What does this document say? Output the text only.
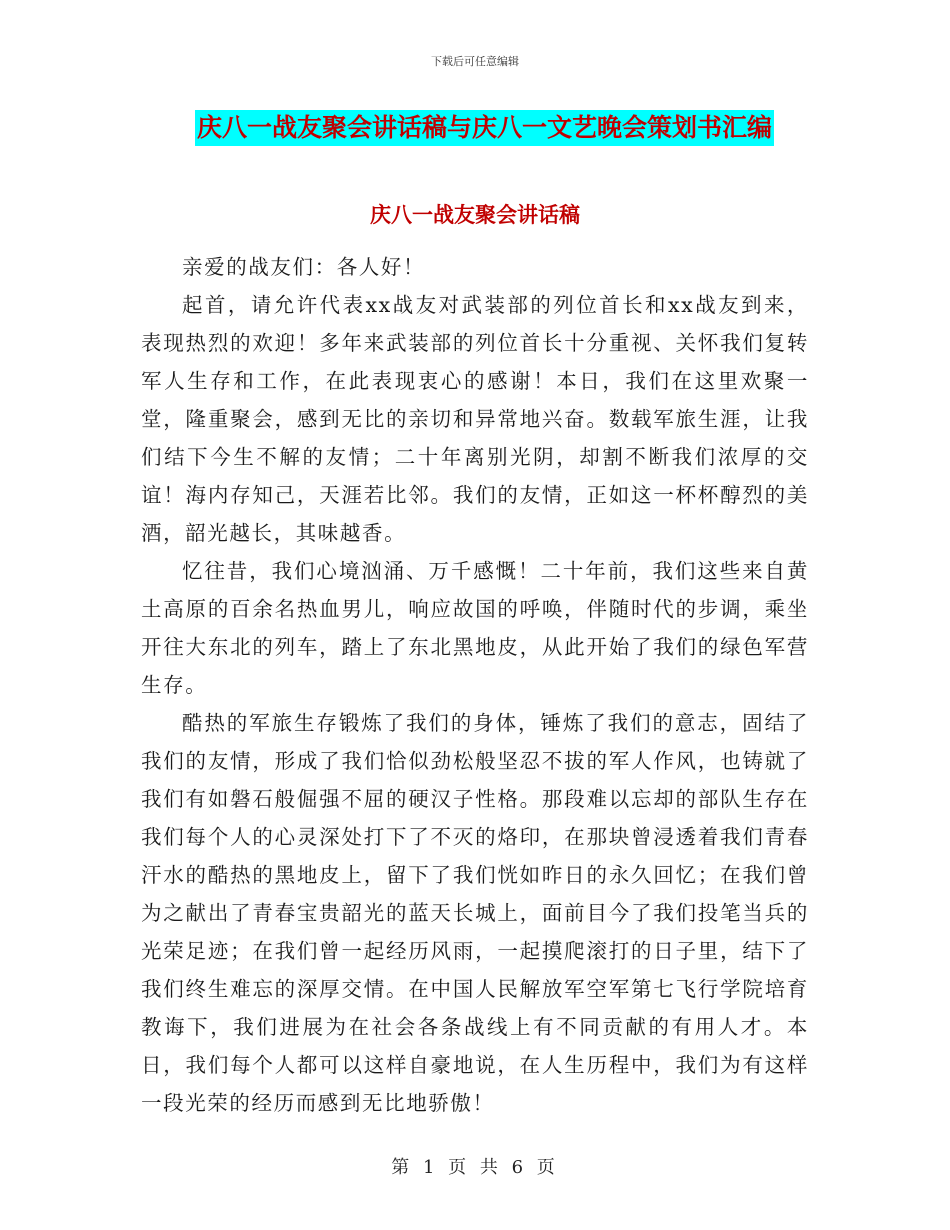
下载后可任意编辑
庆八一战友聚会讲话稿与庆八一文艺晚会策划书汇编
庆八一战友聚会讲话稿

亲爱的战友们：各人好！

起首，请允许代表xx战友对武装部的列位首长和xx战友到来，表现热烈的欢迎！多年来武装部的列位首长十分重视、关怀我们复转军人生存和工作，在此表现衷心的感谢！本日，我们在这里欢聚一堂，隆重聚会，感到无比的亲切和异常地兴奋。数载军旅生涯，让我们结下今生不解的友情；二十年离别光阴，却割不断我们浓厚的交谊！海内存知己，天涯若比邻。我们的友情，正如这一杯杯醇烈的美酒，韶光越长，其味越香。

忆往昔，我们心境汹涌、万千感慨！二十年前，我们这些来自黄土高原的百余名热血男儿，响应故国的呼唤，伴随时代的步调，乘坐开往大东北的列车，踏上了东北黑地皮，从此开始了我们的绿色军营生存。

酷热的军旅生存锻炼了我们的身体，锤炼了我们的意志，固结了我们的友情，形成了我们恰似劲松般坚忍不拔的军人作风，也铸就了我们有如磐石般倔强不屈的硬汉子性格。那段难以忘却的部队生存在我们每个人的心灵深处打下了不灭的烙印，在那块曾浸透着我们青春汗水的酷热的黑地皮上，留下了我们恍如昨日的永久回忆；在我们曾为之献出了青春宝贵韶光的蓝天长城上，面前目今了我们投笔当兵的光荣足迹；在我们曾一起经历风雨，一起摸爬滚打的日子里，结下了我们终生难忘的深厚交情。在中国人民解放军空军第七飞行学院培育教诲下，我们进展为在社会各条战线上有不同贡献的有用人才。本日，我们每个人都可以这样自豪地说，在人生历程中，我们为有这样一段光荣的经历而感到无比地骄傲！

第 1 页 共 6 页
